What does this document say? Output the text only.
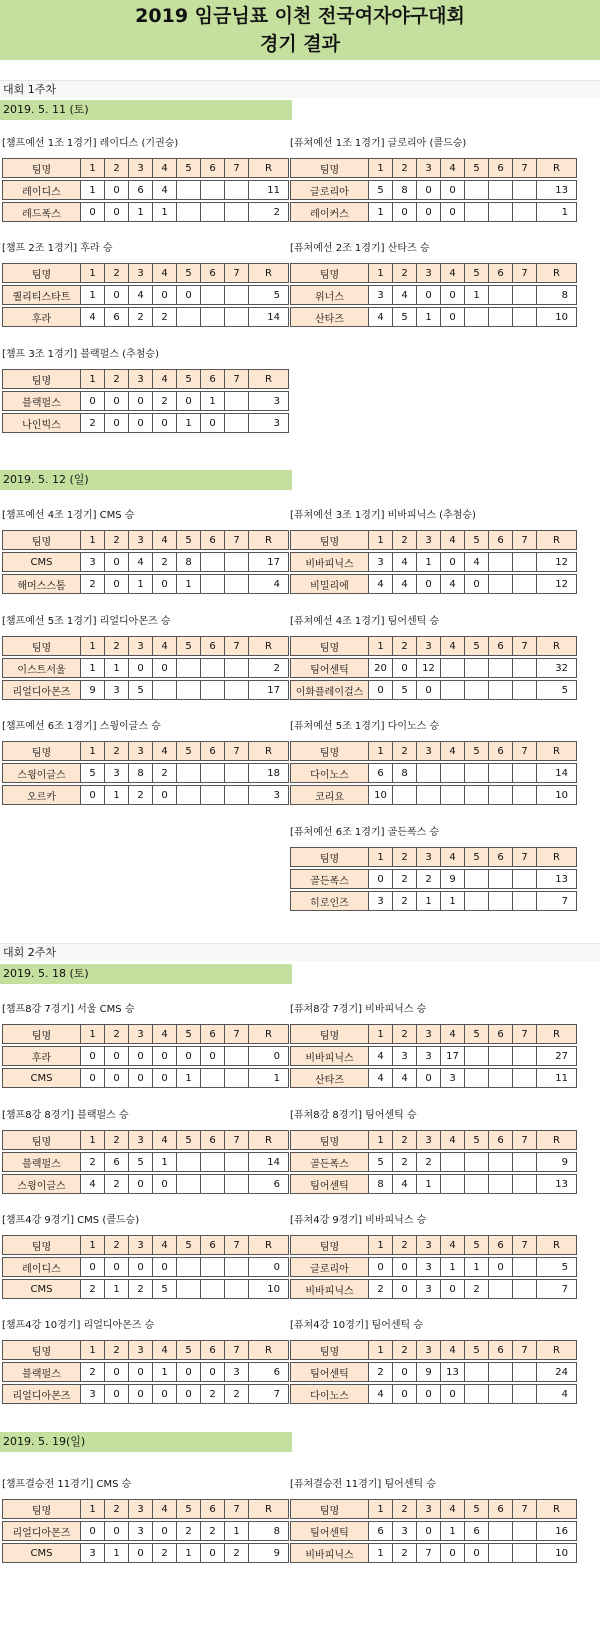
2019 임금님표 이천 전국여자야구대회
경기 결과
대회 1주차
2019. 5. 11 (토)
2019. 5. 12 (일)
대회 2주차
2019. 5. 18 (토)
2019. 5. 19(일)
[챔프예선 1조 1경기] 레이디스 (기권승)
팀명	1	2	3	4	5	6	7	R

레이디스	1	0	6	4				11

레드폭스	0	0	1	1				2
[퓨쳐예선 1조 1경기] 글로리아 (콜드승)
팀명	1	2	3	4	5	6	7	R

글로리아	5	8	0	0				13

레이커스	1	0	0	0				1
[챔프 2조 1경기] 후라 승
팀명	1	2	3	4	5	6	7	R

퀄리티스타트	1	0	4	0	0			5

후라	4	6	2	2				14
[퓨쳐예선 2조 1경기] 산타즈 승
팀명	1	2	3	4	5	6	7	R

위너스	3	4	0	0	1			8

산타즈	4	5	1	0				10
[챔프 3조 1경기] 블랙펄스 (추첨승)
팀명	1	2	3	4	5	6	7	R

블랙펄스	0	0	0	2	0	1		3

나인빅스	2	0	0	0	1	0		3
[챔프예선 4조 1경기] CMS 승
팀명	1	2	3	4	5	6	7	R

CMS	3	0	4	2	8			17

해머스스톰	2	0	1	0	1			4
[퓨쳐예선 3조 1경기] 비바피닉스 (추첨승)
팀명	1	2	3	4	5	6	7	R

비바피닉스	3	4	1	0	4			12

비밀리에	4	4	0	4	0			12
[챔프예선 5조 1경기] 리얼디아몬즈 승
팀명	1	2	3	4	5	6	7	R

이스트서울	1	1	0	0				2

리얼디아몬즈	9	3	5					17
[퓨쳐예선 4조 1경기] 팀어센틱 승
팀명	1	2	3	4	5	6	7	R

팀어센틱	20	0	12					32

이화플레이걸스	0	5	0					5
[챔프예선 6조 1경기] 스윙이글스 승
팀명	1	2	3	4	5	6	7	R

스윙이글스	5	3	8	2				18

오르카	0	1	2	0				3
[퓨쳐예선 5조 1경기] 다이노스 승
팀명	1	2	3	4	5	6	7	R

다이노스	6	8						14

코리요	10							10
[퓨쳐예선 6조 1경기] 골든폭스 승
팀명	1	2	3	4	5	6	7	R

골든폭스	0	2	2	9				13

히로인즈	3	2	1	1				7
[챔프8강 7경기] 서울 CMS 승
팀명	1	2	3	4	5	6	7	R

후라	0	0	0	0	0	0		0

CMS	0	0	0	0	1			1
[퓨쳐8강 7경기] 비바피닉스 승
팀명	1	2	3	4	5	6	7	R

비바피닉스	4	3	3	17				27

산타즈	4	4	0	3				11
[챔프8강 8경기] 블랙펄스 승
팀명	1	2	3	4	5	6	7	R

블랙펄스	2	6	5	1				14

스윙이글스	4	2	0	0				6
[퓨쳐8강 8경기] 팀어센틱 승
팀명	1	2	3	4	5	6	7	R

골든폭스	5	2	2					9

팀어센틱	8	4	1					13
[챔프4강 9경기] CMS (콜드승)
팀명	1	2	3	4	5	6	7	R

레이디스	0	0	0	0				0

CMS	2	1	2	5				10
[퓨쳐4강 9경기] 비바피닉스 승
팀명	1	2	3	4	5	6	7	R

글로리아	0	0	3	1	1	0		5

비바피닉스	2	0	3	0	2			7
[챔프4강 10경기] 리얼디아몬즈 승
팀명	1	2	3	4	5	6	7	R

블랙펄스	2	0	0	1	0	0	3	6

리얼디아몬즈	3	0	0	0	0	2	2	7
[퓨쳐4강 10경기] 팀어센틱 승
팀명	1	2	3	4	5	6	7	R

팀어센틱	2	0	9	13				24

다이노스	4	0	0	0				4
[챔프결승전 11경기] CMS 승
팀명	1	2	3	4	5	6	7	R

리얼디아몬즈	0	0	3	0	2	2	1	8

CMS	3	1	0	2	1	0	2	9
[퓨쳐결승전 11경기] 팀어센틱 승
팀명	1	2	3	4	5	6	7	R

팀어센틱	6	3	0	1	6			16

비바피닉스	1	2	7	0	0			10
